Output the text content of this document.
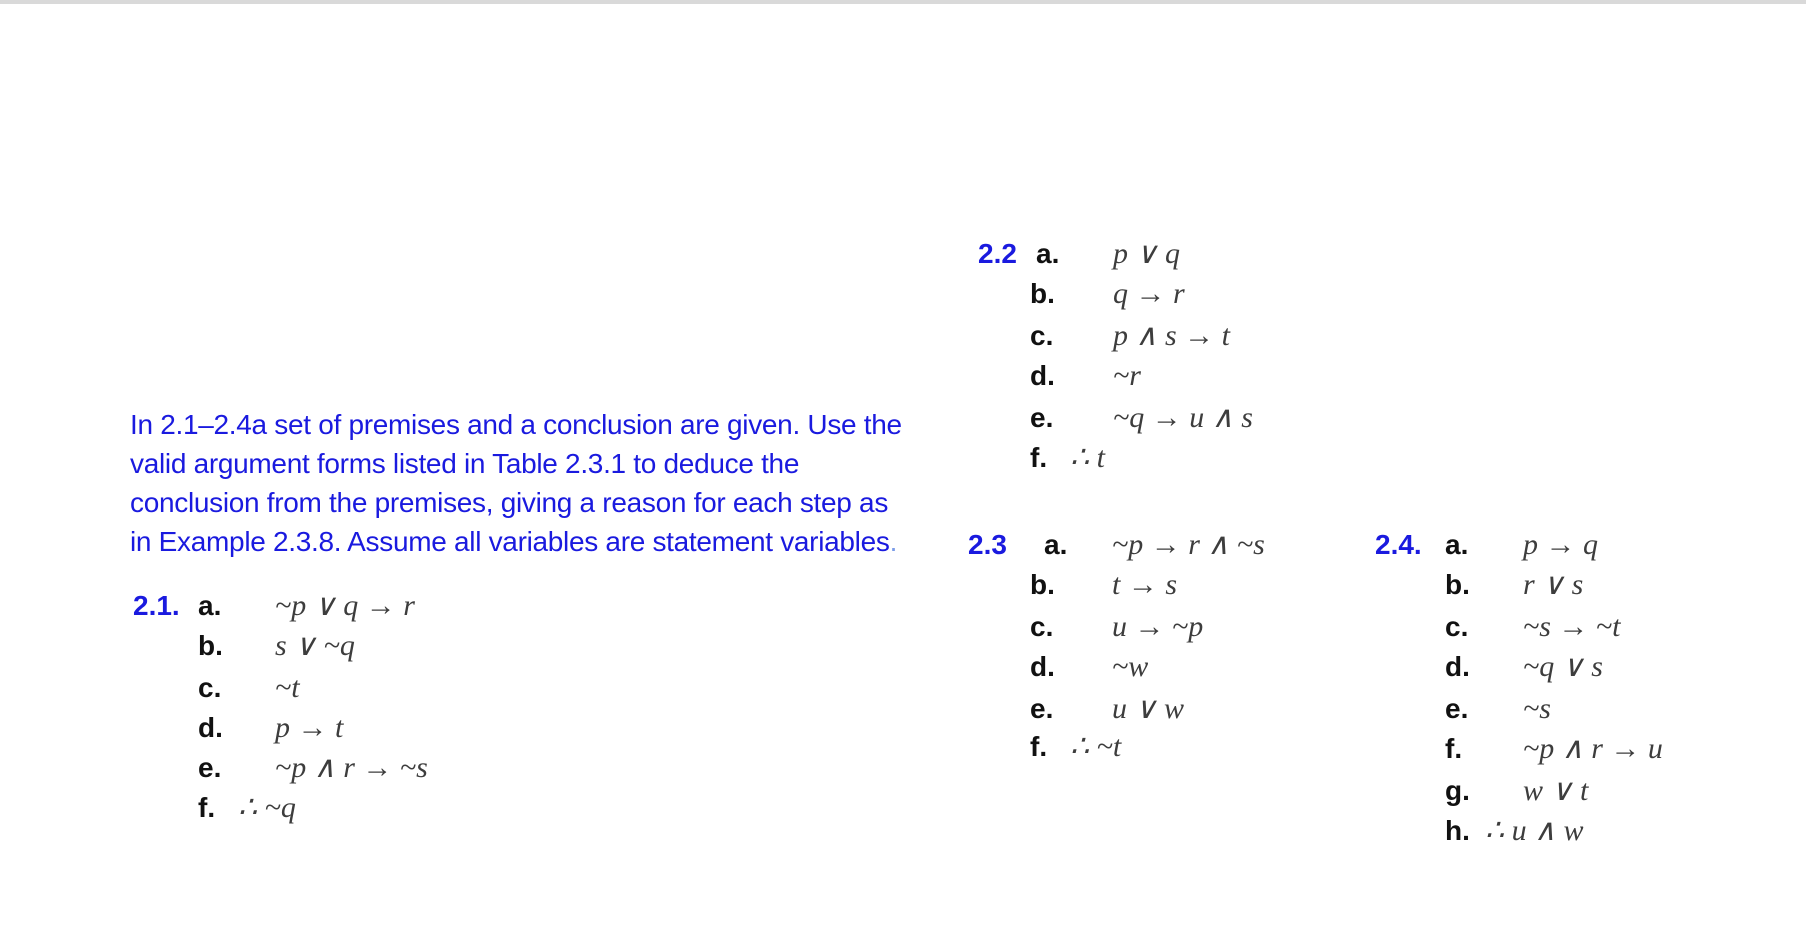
In 2.1–2.4a set of premises and a conclusion are given. Use the
valid argument forms listed in Table 2.3.1 to deduce the
conclusion from the premises, giving a reason for each step as
in Example 2.3.8. Assume all variables are statement variables.
2.1. a. ~p ∨ q → r
b. s ∨ ~q
c. ~t
d. p → t
e. ~p ∧ r → ~s
f. ∴ ~q
2.2 a. p ∨ q
b. q → r
c. p ∧ s → t
d. ~r
e. ~q → u ∧ s
f. ∴ t
2.3 a. ~p → r ∧ ~s
b. t → s
c. u → ~p
d. ~w
e. u ∨ w
f. ∴ ~t
2.4. a. p → q
b. r ∨ s
c. ~s → ~t
d. ~q ∨ s
e. ~s
f. ~p ∧ r → u
g. w ∨ t
h. ∴ u ∧ w
